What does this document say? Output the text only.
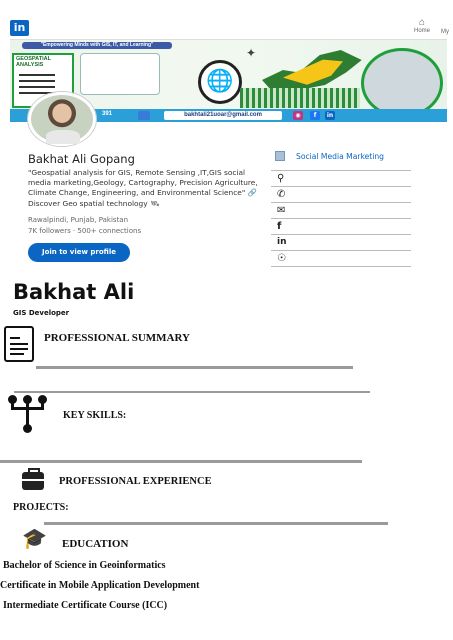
in	⌂
Home	My
"Empowering Minds with GIS, IT, and Learning"
GEOSPATIAL ANALYSIS
🌐
✦
391	bakhtali21uoar@gmail.com	◉	f	in
Bakhat Ali Gopang
"Geospatial analysis for GIS, Remote Sensing ,IT,GIS social media marketing,Geology, Cartography, Precision Agriculture, Climate Change, Engineering, and Environmental Science" 🔗 Discover Geo spatial technology 🛰
Rawalpindi, Punjab, Pakistan
7K followers · 500+ connections
Join to view profile
Social Media Marketing
⚲
✆
✉
f
in
☉
Bakhat Ali
GIS Developer
PROFESSIONAL SUMMARY
KEY SKILLS:
PROFESSIONAL EXPERIENCE
PROJECTS:
🎓 EDUCATION
Bachelor of Science in Geoinformatics
Certificate in Mobile Application Development
Intermediate Certificate Course (ICC)
